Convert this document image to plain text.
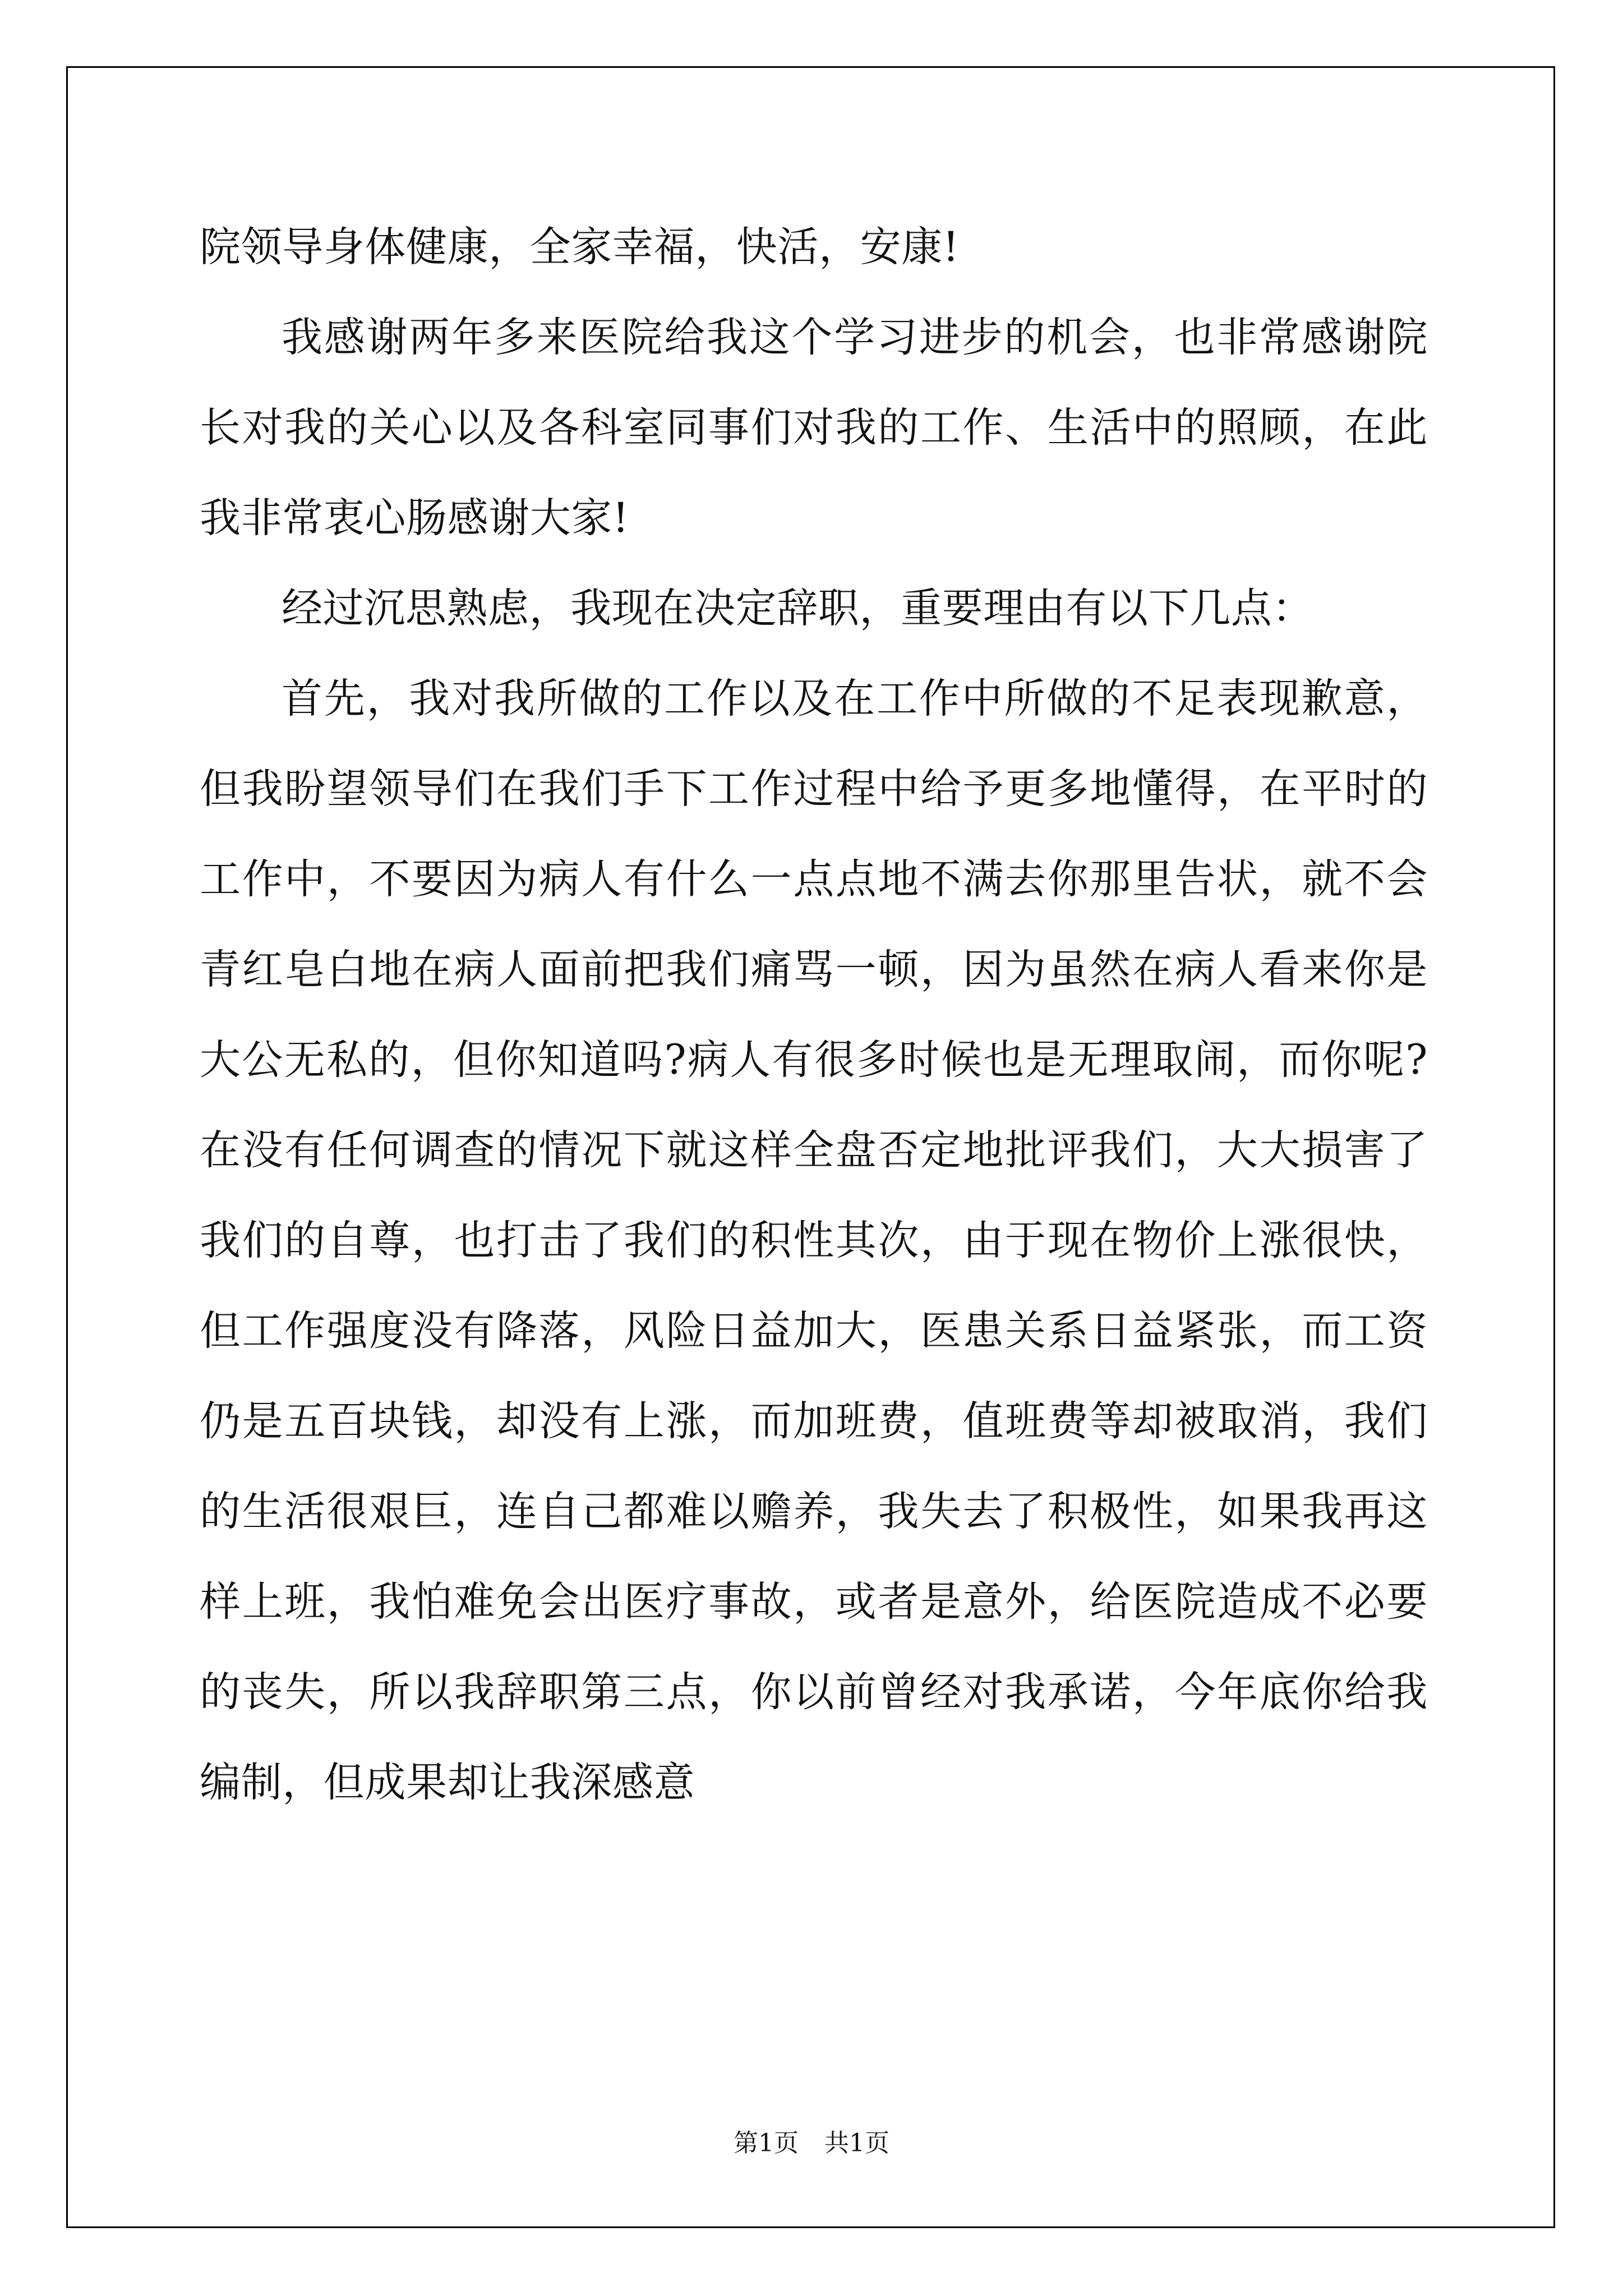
院领导身体健康，全家幸福，快活，安康!

我感谢两年多来医院给我这个学习进步的机会，也非常感谢院长对我的关心以及各科室同事们对我的工作、生活中的照顾，在此我非常衷心肠感谢大家!

经过沉思熟虑，我现在决定辞职，重要理由有以下几点：

首先，我对我所做的工作以及在工作中所做的不足表现歉意，但我盼望领导们在我们手下工作过程中给予更多地懂得，在平时的工作中，不要因为病人有什么一点点地不满去你那里告状，就不会青红皂白地在病人面前把我们痛骂一顿，因为虽然在病人看来你是大公无私的，但你知道吗?病人有很多时候也是无理取闹，而你呢?在没有任何调查的情况下就这样全盘否定地批评我们，大大损害了我们的自尊，也打击了我们的积性其次，由于现在物价上涨很快，但工作强度没有降落，风险日益加大，医患关系日益紧张，而工资仍是五百块钱，却没有上涨，而加班费，值班费等却被取消，我们的生活很艰巨，连自己都难以赡养，我失去了积极性，如果我再这样上班，我怕难免会出医疗事故，或者是意外，给医院造成不必要的丧失，所以我辞职第三点，你以前曾经对我承诺，今年底你给我编制，但成果却让我深感意

第1页 共1页
